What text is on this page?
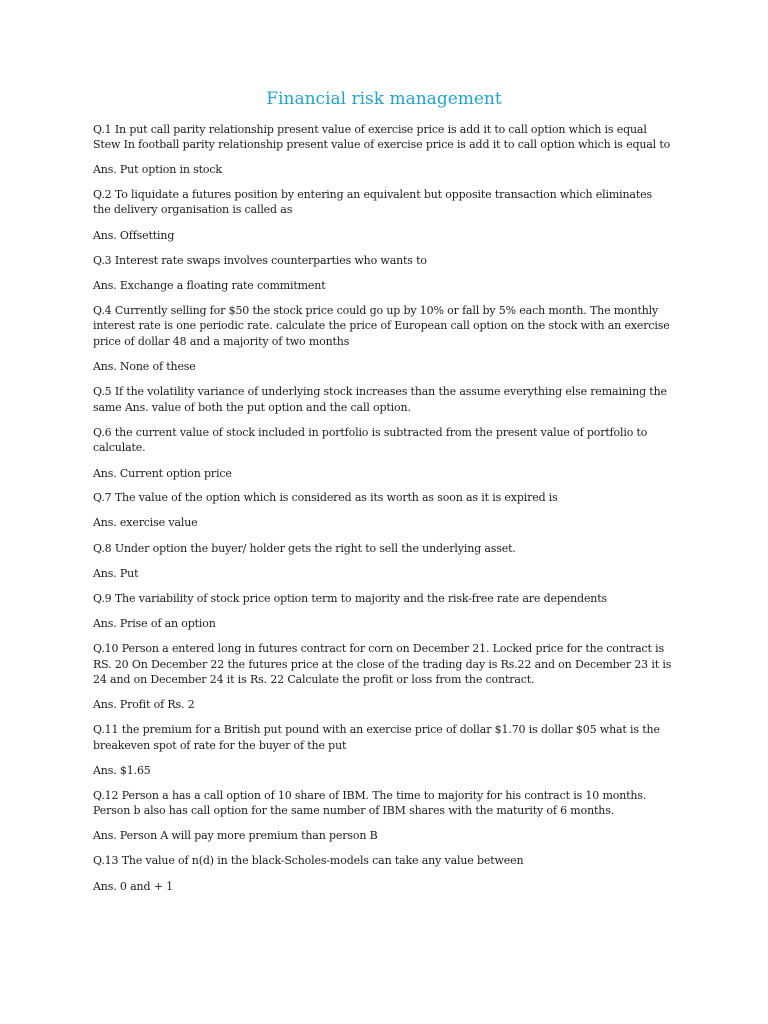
Financial risk management
Q.1 In put call parity relationship present value of exercise price is add it to call option which is equal
Stew In football parity relationship present value of exercise price is add it to call option which is equal to
Ans. Put option in stock
Q.2 To liquidate a futures position by entering an equivalent but opposite transaction which eliminates
the delivery organisation is called as
Ans. Offsetting
Q.3 Interest rate swaps involves counterparties who wants to
Ans. Exchange a floating rate commitment
Q.4 Currently selling for $50 the stock price could go up by 10% or fall by 5% each month. The monthly
interest rate is one periodic rate. calculate the price of European call option on the stock with an exercise
price of dollar 48 and a majority of two months
Ans. None of these
Q.5 If the volatility variance of underlying stock increases than the assume everything else remaining the
same Ans. value of both the put option and the call option.
Q.6 the current value of stock included in portfolio is subtracted from the present value of portfolio to
calculate.
Ans. Current option price
Q.7 The value of the option which is considered as its worth as soon as it is expired is
Ans. exercise value
Q.8 Under option the buyer/ holder gets the right to sell the underlying asset.
Ans. Put
Q.9 The variability of stock price option term to majority and the risk-free rate are dependents
Ans. Prise of an option
Q.10 Person a entered long in futures contract for corn on December 21. Locked price for the contract is
RS. 20 On December 22 the futures price at the close of the trading day is Rs.22 and on December 23 it is
24 and on December 24 it is Rs. 22 Calculate the profit or loss from the contract.
Ans. Profit of Rs. 2
Q.11 the premium for a British put pound with an exercise price of dollar $1.70 is dollar $05 what is the
breakeven spot of rate for the buyer of the put
Ans. $1.65
Q.12 Person a has a call option of 10 share of IBM. The time to majority for his contract is 10 months.
Person b also has call option for the same number of IBM shares with the maturity of 6 months.
Ans. Person A will pay more premium than person B
Q.13 The value of n(d) in the black-Scholes-models can take any value between
Ans. 0 and + 1
